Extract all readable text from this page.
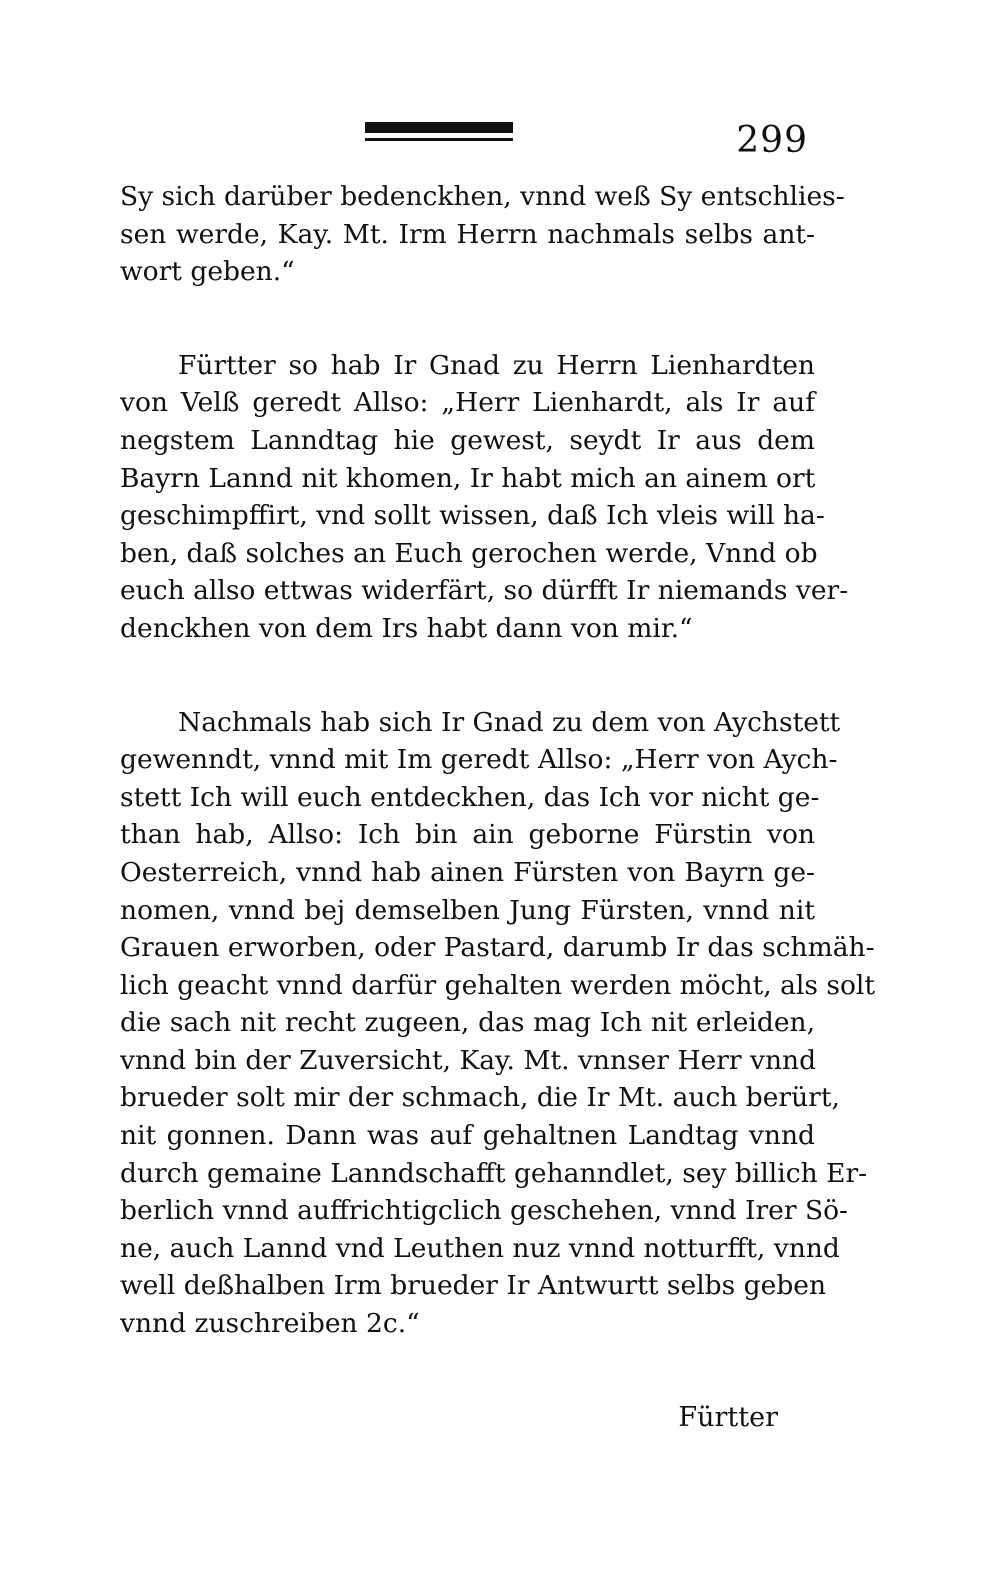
299

Sy sich darüber bedenckhen, vnnd weß Sy entschlies-
sen werde, Kay. Mt. Irm Herrn nachmals selbs ant-
wort geben.“

Fürtter so hab Ir Gnad zu Herrn Lienhardten
von Velß geredt Allso: „Herr Lienhardt, als Ir auf
negstem Lanndtag hie gewest, seydt Ir aus dem
Bayrn Lannd nit khomen, Ir habt mich an ainem ort
geschimpffirt, vnd sollt wissen, daß Ich vleis will ha-
ben, daß solches an Euch gerochen werde, Vnnd ob
euch allso ettwas widerfärt, so dürfft Ir niemands ver-
denckhen von dem Irs habt dann von mir.“

Nachmals hab sich Ir Gnad zu dem von Aychstett
gewenndt, vnnd mit Im geredt Allso: „Herr von Aych-
stett Ich will euch entdeckhen, das Ich vor nicht ge-
than hab, Allso: Ich bin ain geborne Fürstin von
Oesterreich, vnnd hab ainen Fürsten von Bayrn ge-
nomen, vnnd bej demselben Jung Fürsten, vnnd nit
Grauen erworben, oder Pastard, darumb Ir das schmäh-
lich geacht vnnd darfür gehalten werden möcht, als solt
die sach nit recht zugeen, das mag Ich nit erleiden,
vnnd bin der Zuversicht, Kay. Mt. vnnser Herr vnnd
brueder solt mir der schmach, die Ir Mt. auch berürt,
nit gonnen. Dann was auf gehaltnen Landtag vnnd
durch gemaine Lanndschafft gehanndlet, sey billich Er-
berlich vnnd auffrichtigclich geschehen, vnnd Irer Sö-
ne, auch Lannd vnd Leuthen nuz vnnd notturfft, vnnd
well deßhalben Irm brueder Ir Antwurtt selbs geben
vnnd zuschreiben 2c.“

Fürtter
